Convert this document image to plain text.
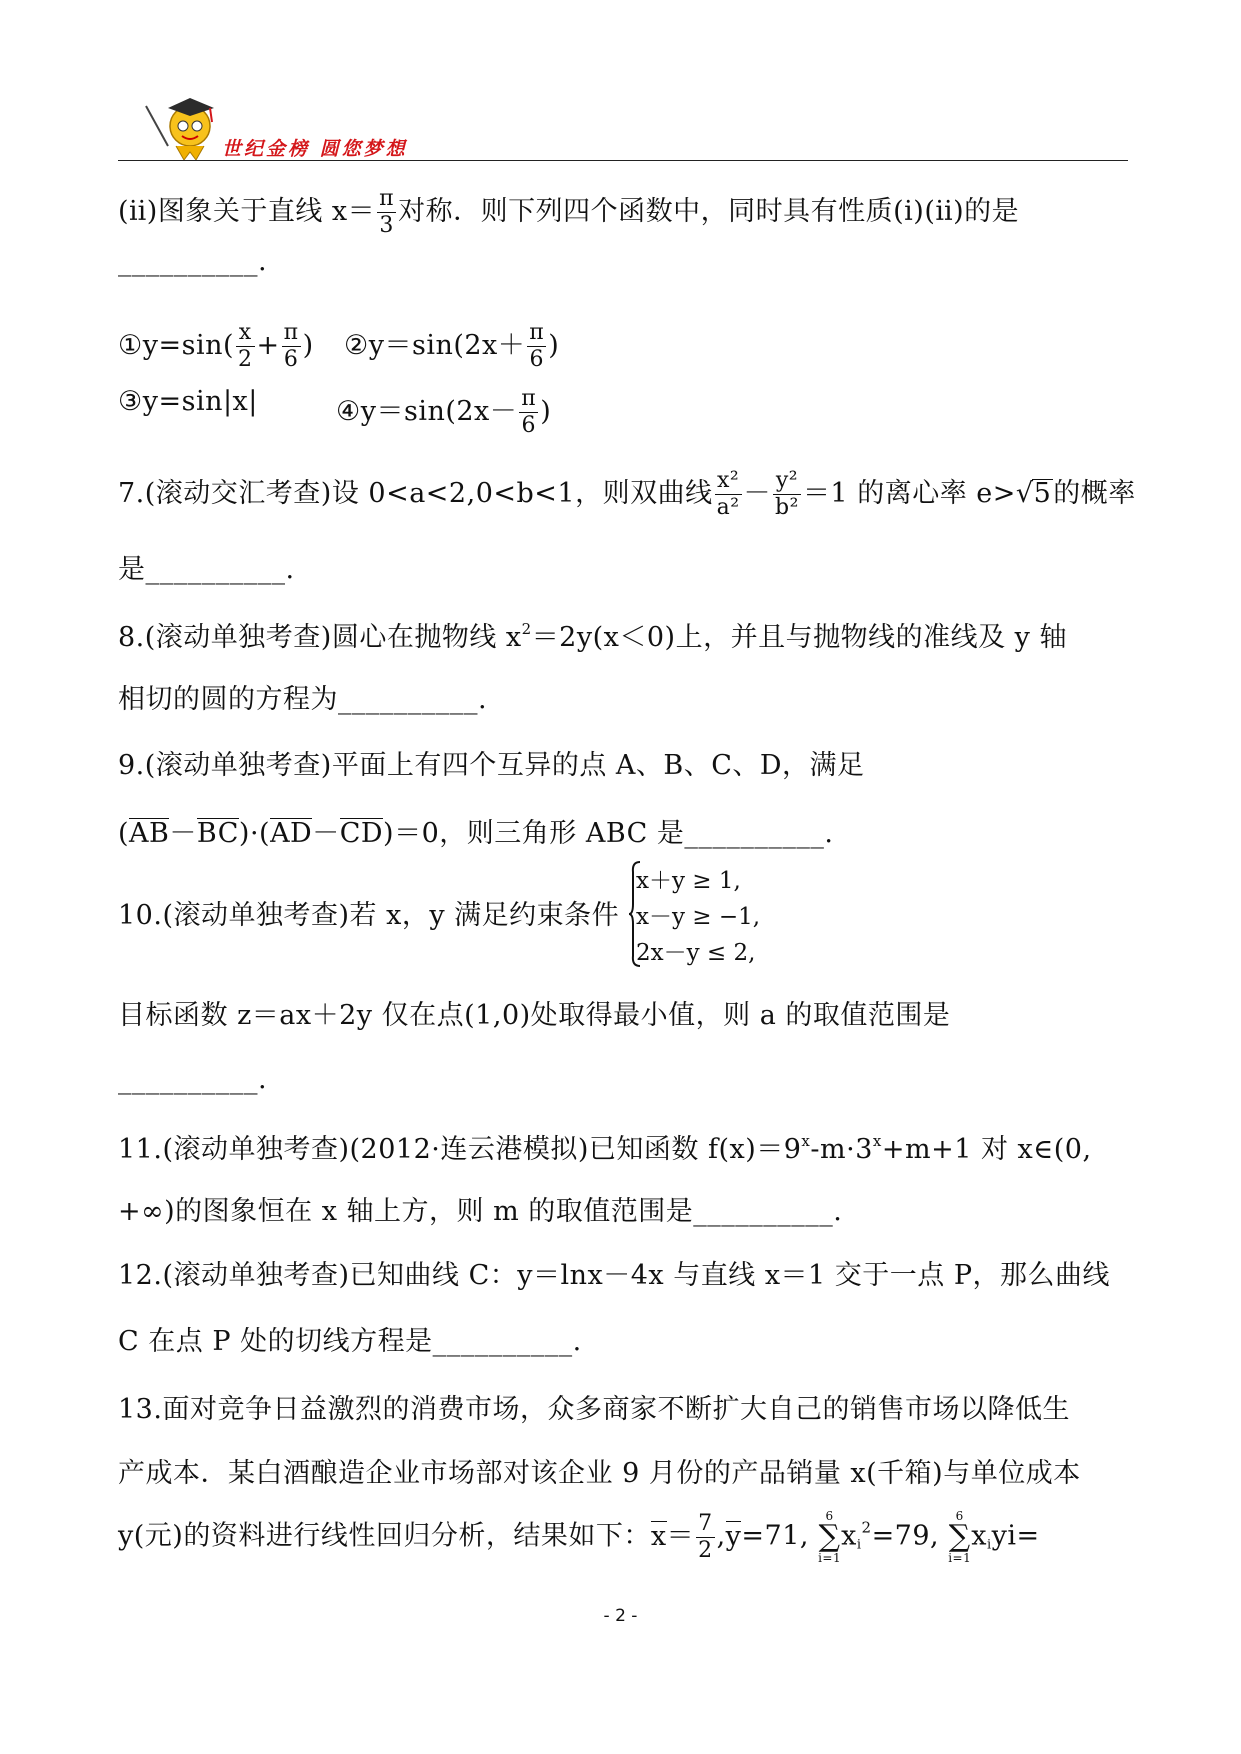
世纪金榜 圆您梦想
(ⅱ)图象关于直线 $x= \frac{\pi}{3}$ 对称．则下列四个函数中，同时具有性质(ⅰ)(ⅱ)的是
__________.
①y=sin( $\frac{x}{2} + \frac{\pi}{6}$ ) ②y＝sin(2x＋ $\frac{\pi}{6}$ )
③y=sin|x|	④y＝sin(2x－ $\frac{\pi}{6}$ )
7.(滚动交汇考查)设 0<a<2,0<b<1，则双曲线 $\frac{\text{x²}}{\text{a²}} - \frac{\text{y²}}{\text{b²}} =1$ 的离心率 e>√5的概率
是__________.
8.(滚动单独考查)圆心在抛物线 $x^2=2y(x<0)$上，并且与抛物线的准线及 y 轴
相切的圆的方程为__________.
9.(滚动单独考查)平面上有四个互异的点 A、B、C、D，满足
(AB－BC)·(AD－CD)＝0，则三角形 ABC 是__________.
10.(滚动单独考查)若 x，y 满足约束条件
x＋y ≥ 1,
x－y ≥ −1,
2x－y ≤ 2,
目标函数 z＝ax＋2y 仅在点(1,0)处取得最小值，则 a 的取值范围是
__________.
11.(滚动单独考查)(2012·连云港模拟)已知函数 $f(x)=9^x-m\cdot 3^x+m+1$ 对 x∈(0,
+∞)的图象恒在 x 轴上方，则 m 的取值范围是__________.
12.(滚动单独考查)已知曲线 C：y＝lnx－4x 与直线 x＝1 交于一点 P，那么曲线
C 在点 P 处的切线方程是__________.
13.面对竞争日益激烈的消费市场，众多商家不断扩大自己的销售市场以降低生
产成本．某白酒酿造企业市场部对该企业 9 月份的产品销量 x(千箱)与单位成本
y(元)的资料进行线性回归分析，结果如下：$x= \frac{7}{2} ,y=71$,
6
∑
i=1
$x_i^2=79$,
6
∑
i=1
$x_iyi=$
- 2 -
